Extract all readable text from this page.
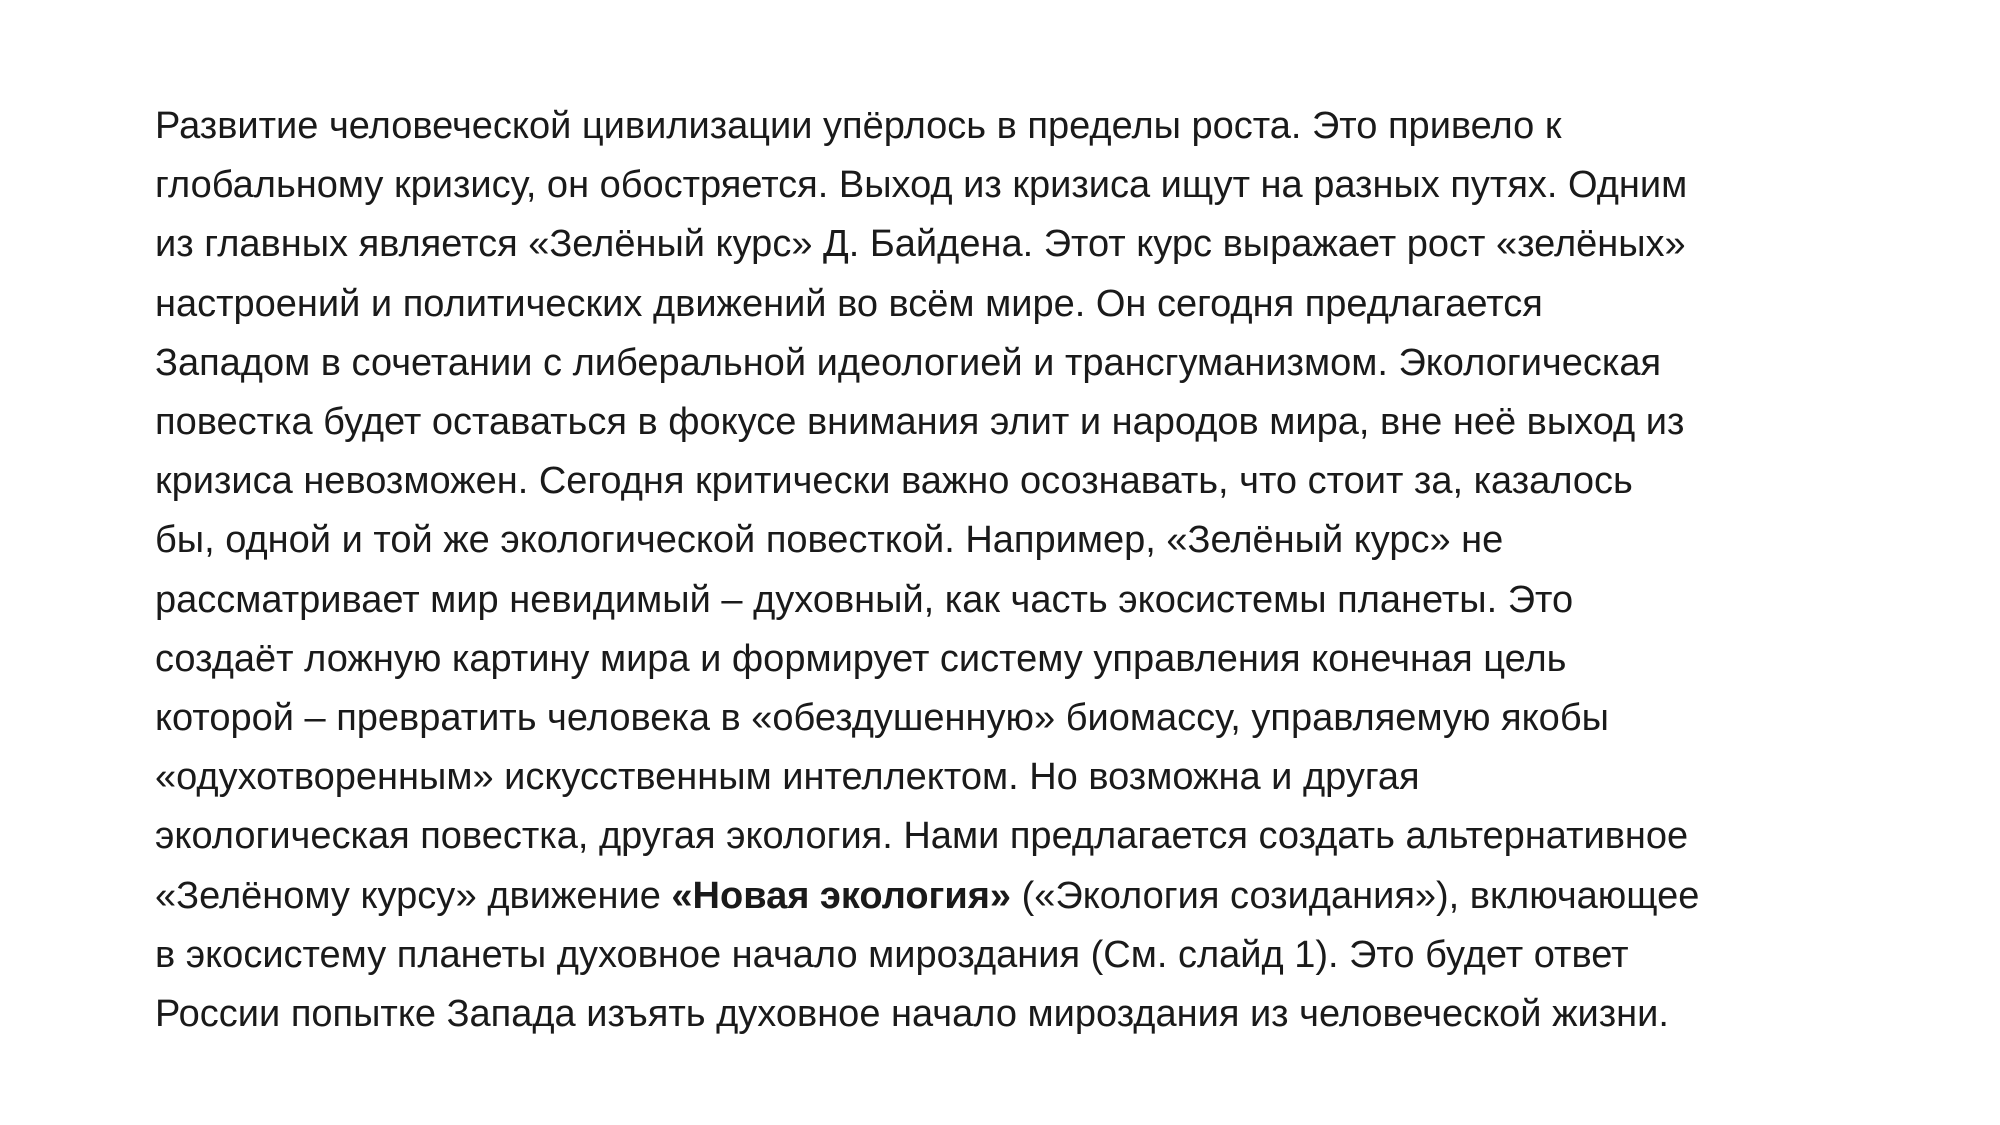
Развитие человеческой цивилизации упёрлось в пределы роста. Это привело к
глобальному кризису, он обостряется. Выход из кризиса ищут на разных путях. Одним
из главных является «Зелёный курс» Д. Байдена. Этот курс выражает рост «зелёных»
настроений и политических движений во всём мире. Он сегодня предлагается
Западом в сочетании с либеральной идеологией и трансгуманизмом. Экологическая
повестка будет оставаться в фокусе внимания элит и народов мира, вне неё выход из
кризиса невозможен. Сегодня критически важно осознавать, что стоит за, казалось
бы, одной и той же экологической повесткой. Например, «Зелёный курс» не
рассматривает мир невидимый – духовный, как часть экосистемы планеты. Это
создаёт ложную картину мира и формирует систему управления конечная цель
которой – превратить человека в «обездушенную» биомассу, управляемую якобы
«одухотворенным» искусственным интеллектом. Но возможна и другая
экологическая повестка, другая экология. Нами предлагается создать альтернативное
«Зелёному курсу» движение «Новая экология» («Экология созидания»), включающее
в экосистему планеты духовное начало мироздания (См. слайд 1). Это будет ответ
России попытке Запада изъять духовное начало мироздания из человеческой жизни.
